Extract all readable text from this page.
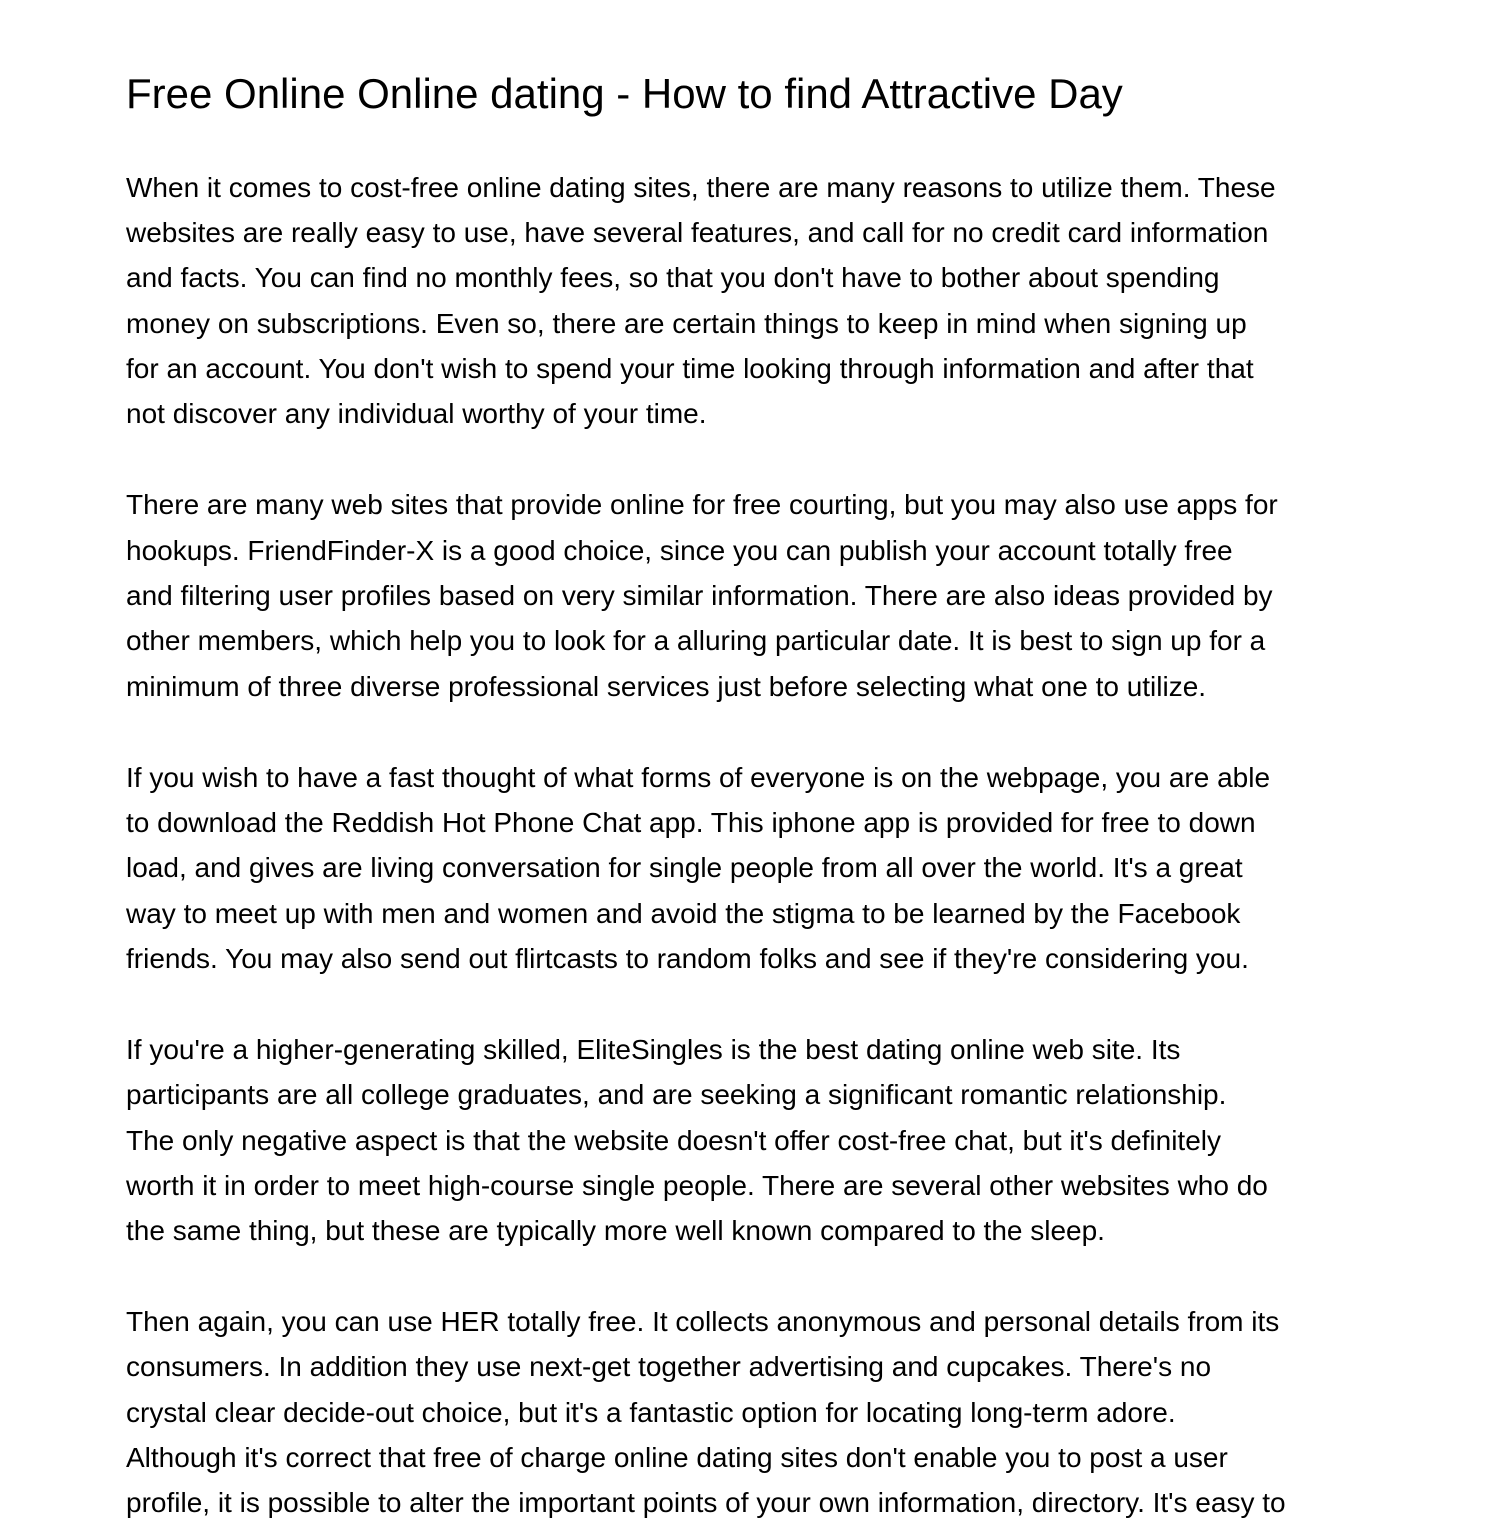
Free Online Online dating - How to find Attractive Day

When it comes to cost-free online dating sites, there are many reasons to utilize them. These

websites are really easy to use, have several features, and call for no credit card information

and facts. You can find no monthly fees, so that you don't have to bother about spending

money on subscriptions. Even so, there are certain things to keep in mind when signing up

for an account. You don't wish to spend your time looking through information and after that

not discover any individual worthy of your time.

There are many web sites that provide online for free courting, but you may also use apps for

hookups. FriendFinder-X is a good choice, since you can publish your account totally free

and filtering user profiles based on very similar information. There are also ideas provided by

other members, which help you to look for a alluring particular date. It is best to sign up for a

minimum of three diverse professional services just before selecting what one to utilize.

If you wish to have a fast thought of what forms of everyone is on the webpage, you are able

to download the Reddish Hot Phone Chat app. This iphone app is provided for free to down

load, and gives are living conversation for single people from all over the world. It's a great

way to meet up with men and women and avoid the stigma to be learned by the Facebook

friends. You may also send out flirtcasts to random folks and see if they're considering you.

If you're a higher-generating skilled, EliteSingles is the best dating online web site. Its

participants are all college graduates, and are seeking a significant romantic relationship.

The only negative aspect is that the website doesn't offer cost-free chat, but it's definitely

worth it in order to meet high-course single people. There are several other websites who do

the same thing, but these are typically more well known compared to the sleep.

Then again, you can use HER totally free. It collects anonymous and personal details from its

consumers. In addition they use next-get together advertising and cupcakes. There's no

crystal clear decide-out choice, but it's a fantastic option for locating long-term adore.

Although it's correct that free of charge online dating sites don't enable you to post a user

profile, it is possible to alter the important points of your own information, directory. It's easy to
